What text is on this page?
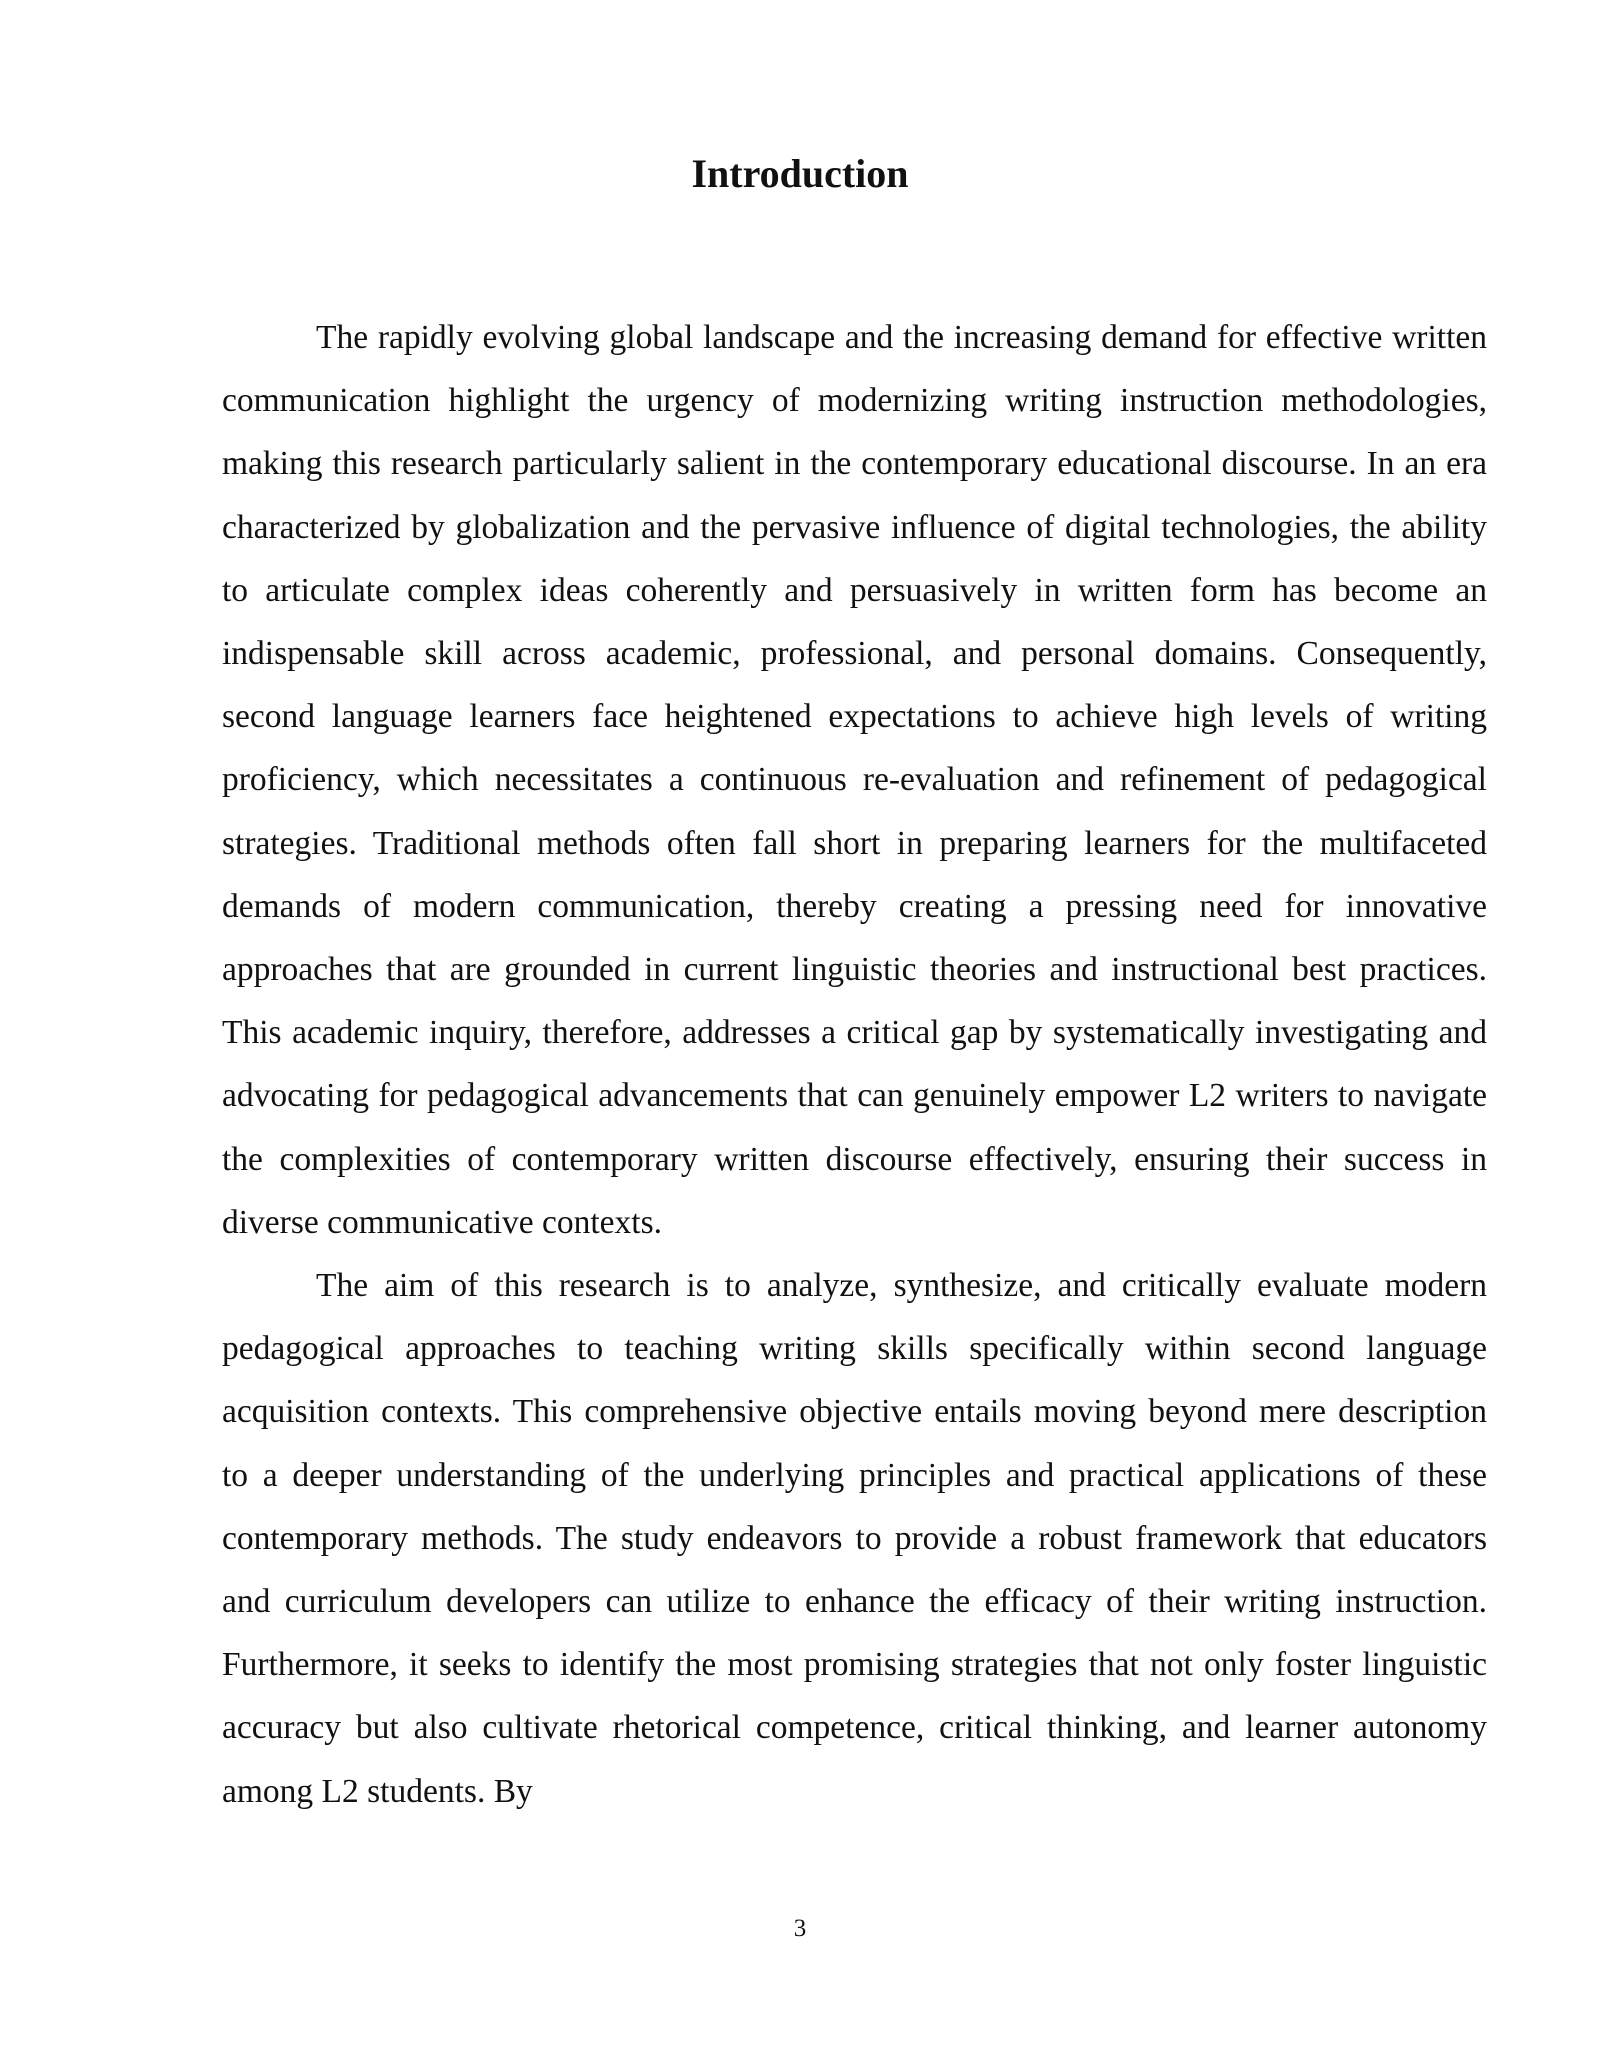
Introduction

The rapidly evolving global landscape and the increasing demand for effective written communication highlight the urgency of modernizing writing instruction methodologies, making this research particularly salient in the contemporary educational discourse. In an era characterized by globalization and the pervasive influence of digital technologies, the ability to articulate complex ideas coherently and persuasively in written form has become an indispensable skill across academic, professional, and personal domains. Consequently, second language learners face heightened expectations to achieve high levels of writing proficiency, which necessitates a continuous re-evaluation and refinement of pedagogical strategies. Traditional methods often fall short in preparing learners for the multifaceted demands of modern communication, thereby creating a pressing need for innovative approaches that are grounded in current linguistic theories and instructional best practices. This academic inquiry, therefore, addresses a critical gap by systematically investigating and advocating for pedagogical advancements that can genuinely empower L2 writers to navigate the complexities of contemporary written discourse effectively, ensuring their success in diverse communicative contexts.

The aim of this research is to analyze, synthesize, and critically evaluate modern pedagogical approaches to teaching writing skills specifically within second language acquisition contexts. This comprehensive objective entails moving beyond mere description to a deeper understanding of the underlying principles and practical applications of these contemporary methods. The study endeavors to provide a robust framework that educators and curriculum developers can utilize to enhance the efficacy of their writing instruction. Furthermore, it seeks to identify the most promising strategies that not only foster linguistic accuracy but also cultivate rhetorical competence, critical thinking, and learner autonomy among L2 students. By

3
